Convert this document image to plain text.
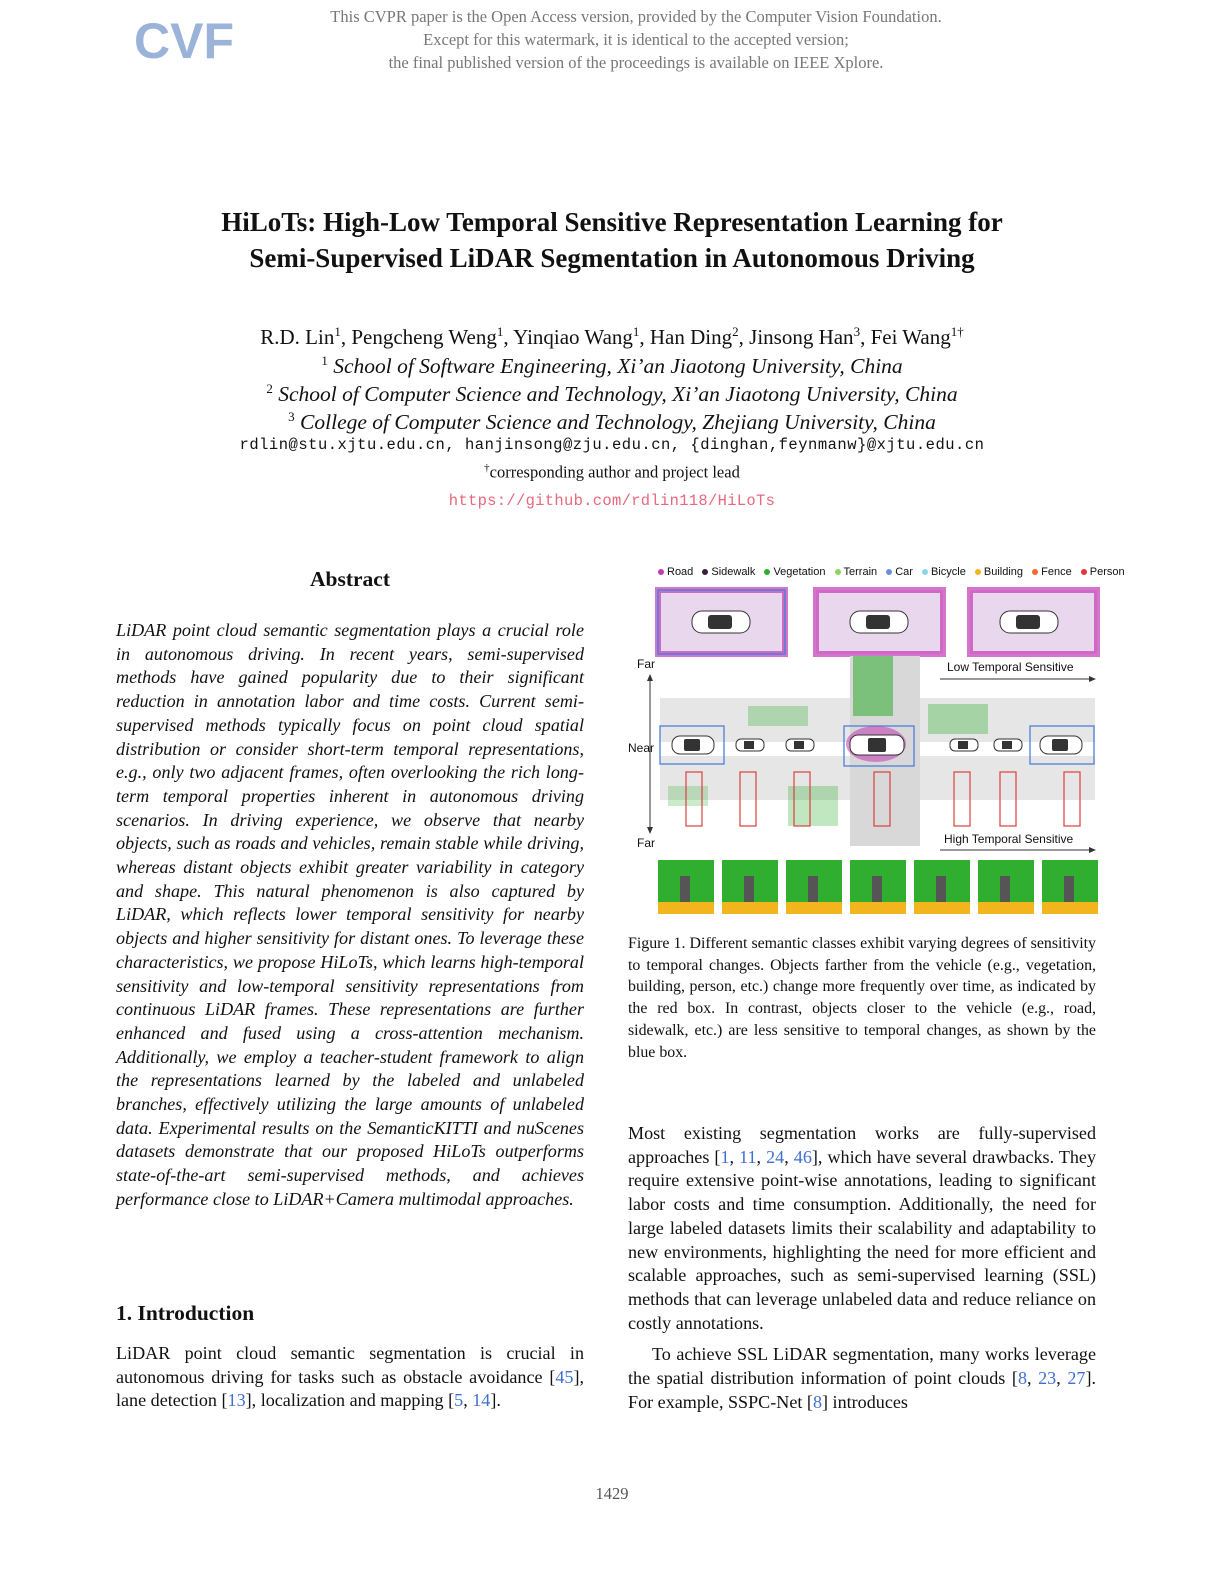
CVF	This CVPR paper is the Open Access version, provided by the Computer Vision Foundation.
Except for this watermark, it is identical to the accepted version;
the final published version of the proceedings is available on IEEE Xplore.
HiLoTs: High-Low Temporal Sensitive Representation Learning for
Semi-Supervised LiDAR Segmentation in Autonomous Driving
R.D. Lin$^1$, Pengcheng Weng$^1$, Yinqiao Wang$^1$, Han Ding$^2$, Jinsong Han$^3$, Fei Wang$^{1\dagger}$
$^1$ School of Software Engineering, Xi’an Jiaotong University, China
$^2$ School of Computer Science and Technology, Xi’an Jiaotong University, China
$^3$ College of Computer Science and Technology, Zhejiang University, China
rdlin@stu.xjtu.edu.cn, hanjinsong@zju.edu.cn, {dinghan,feynmanw}@xjtu.edu.cn
†corresponding author and project lead
https://github.com/rdlin118/HiLoTs
Abstract
LiDAR point cloud semantic segmentation plays a crucial role in autonomous driving. In recent years, semi-supervised methods have gained popularity due to their significant reduction in annotation labor and time costs. Current semi-supervised methods typically focus on point cloud spatial distribution or consider short-term temporal representations, e.g., only two adjacent frames, often overlooking the rich long-term temporal properties inherent in autonomous driving scenarios. In driving experience, we observe that nearby objects, such as roads and vehicles, remain stable while driving, whereas distant objects exhibit greater variability in category and shape. This natural phenomenon is also captured by LiDAR, which reflects lower temporal sensitivity for nearby objects and higher sensitivity for distant ones. To leverage these characteristics, we propose HiLoTs, which learns high-temporal sensitivity and low-temporal sensitivity representations from continuous LiDAR frames. These representations are further enhanced and fused using a cross-attention mechanism. Additionally, we employ a teacher-student framework to align the representations learned by the labeled and unlabeled branches, effectively utilizing the large amounts of unlabeled data. Experimental results on the SemanticKITTI and nuScenes datasets demonstrate that our proposed HiLoTs outperforms state-of-the-art semi-supervised methods, and achieves performance close to LiDAR+Camera multimodal approaches.
1. Introduction
LiDAR point cloud semantic segmentation is crucial in autonomous driving for tasks such as obstacle avoidance [45], lane detection [13], localization and mapping [5, 14].
Road Sidewalk Vegetation Terrain Car Bicycle Building Fence Person
Far
Near
Far
Low Temporal Sensitive
High Temporal Sensitive
Figure 1. Different semantic classes exhibit varying degrees of sensitivity to temporal changes. Objects farther from the vehicle (e.g., vegetation, building, person, etc.) change more frequently over time, as indicated by the red box. In contrast, objects closer to the vehicle (e.g., road, sidewalk, etc.) are less sensitive to temporal changes, as shown by the blue box.

Most existing segmentation works are fully-supervised approaches [1, 11, 24, 46], which have several drawbacks. They require extensive point-wise annotations, leading to significant labor costs and time consumption. Additionally, the need for large labeled datasets limits their scalability and adaptability to new environments, highlighting the need for more efficient and scalable approaches, such as semi-supervised learning (SSL) methods that can leverage unlabeled data and reduce reliance on costly annotations.

To achieve SSL LiDAR segmentation, many works leverage the spatial distribution information of point clouds [8, 23, 27]. For example, SSPC-Net [8] introduces

1429
